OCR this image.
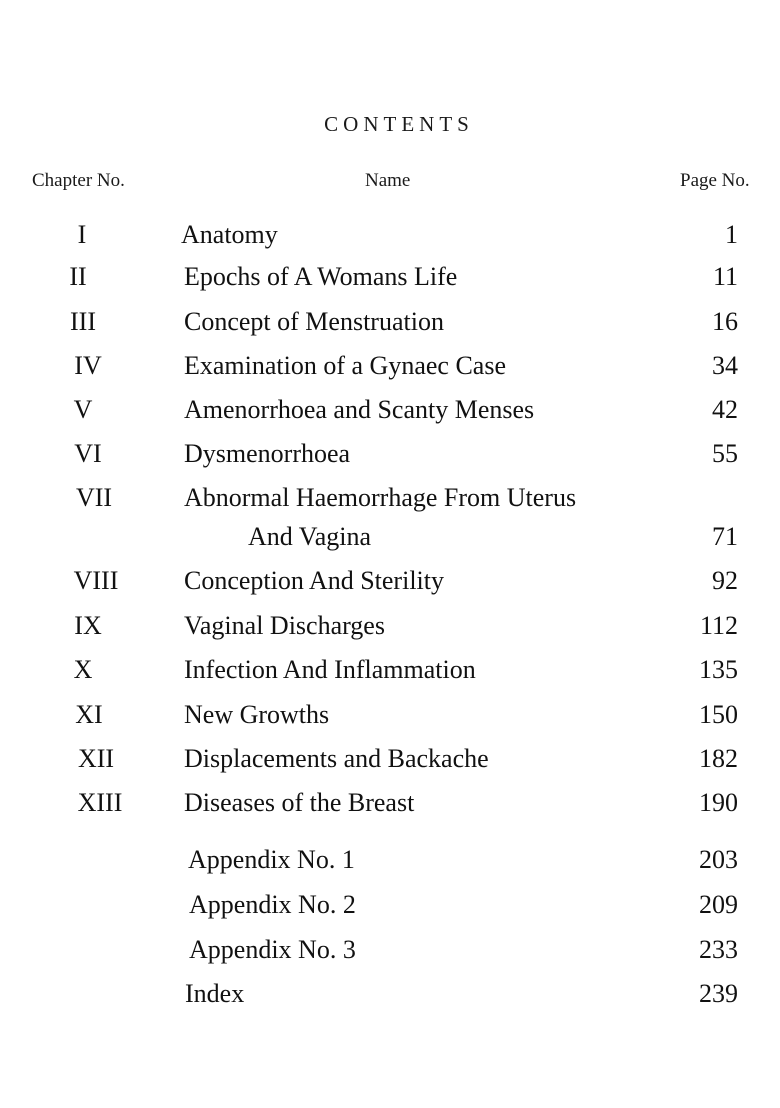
CONTENTS
Chapter No.	Name	Page No.
I	Anatomy	1
II	Epochs of A Womans Life	11
III	Concept of Menstruation	16
IV	Examination of a Gynaec Case	34
V	Amenorrhoea and Scanty Menses	42
VI	Dysmenorrhoea	55
VII	Abnormal Haemorrhage From Uterus
And Vagina	71
VIII	Conception And Sterility	92
IX	Vaginal Discharges	112
X	Infection And Inflammation	135
XI	New Growths	150
XII	Displacements and Backache	182
XIII	Diseases of the Breast	190
Appendix No. 1	203
Appendix No. 2	209
Appendix No. 3	233
Index	239
